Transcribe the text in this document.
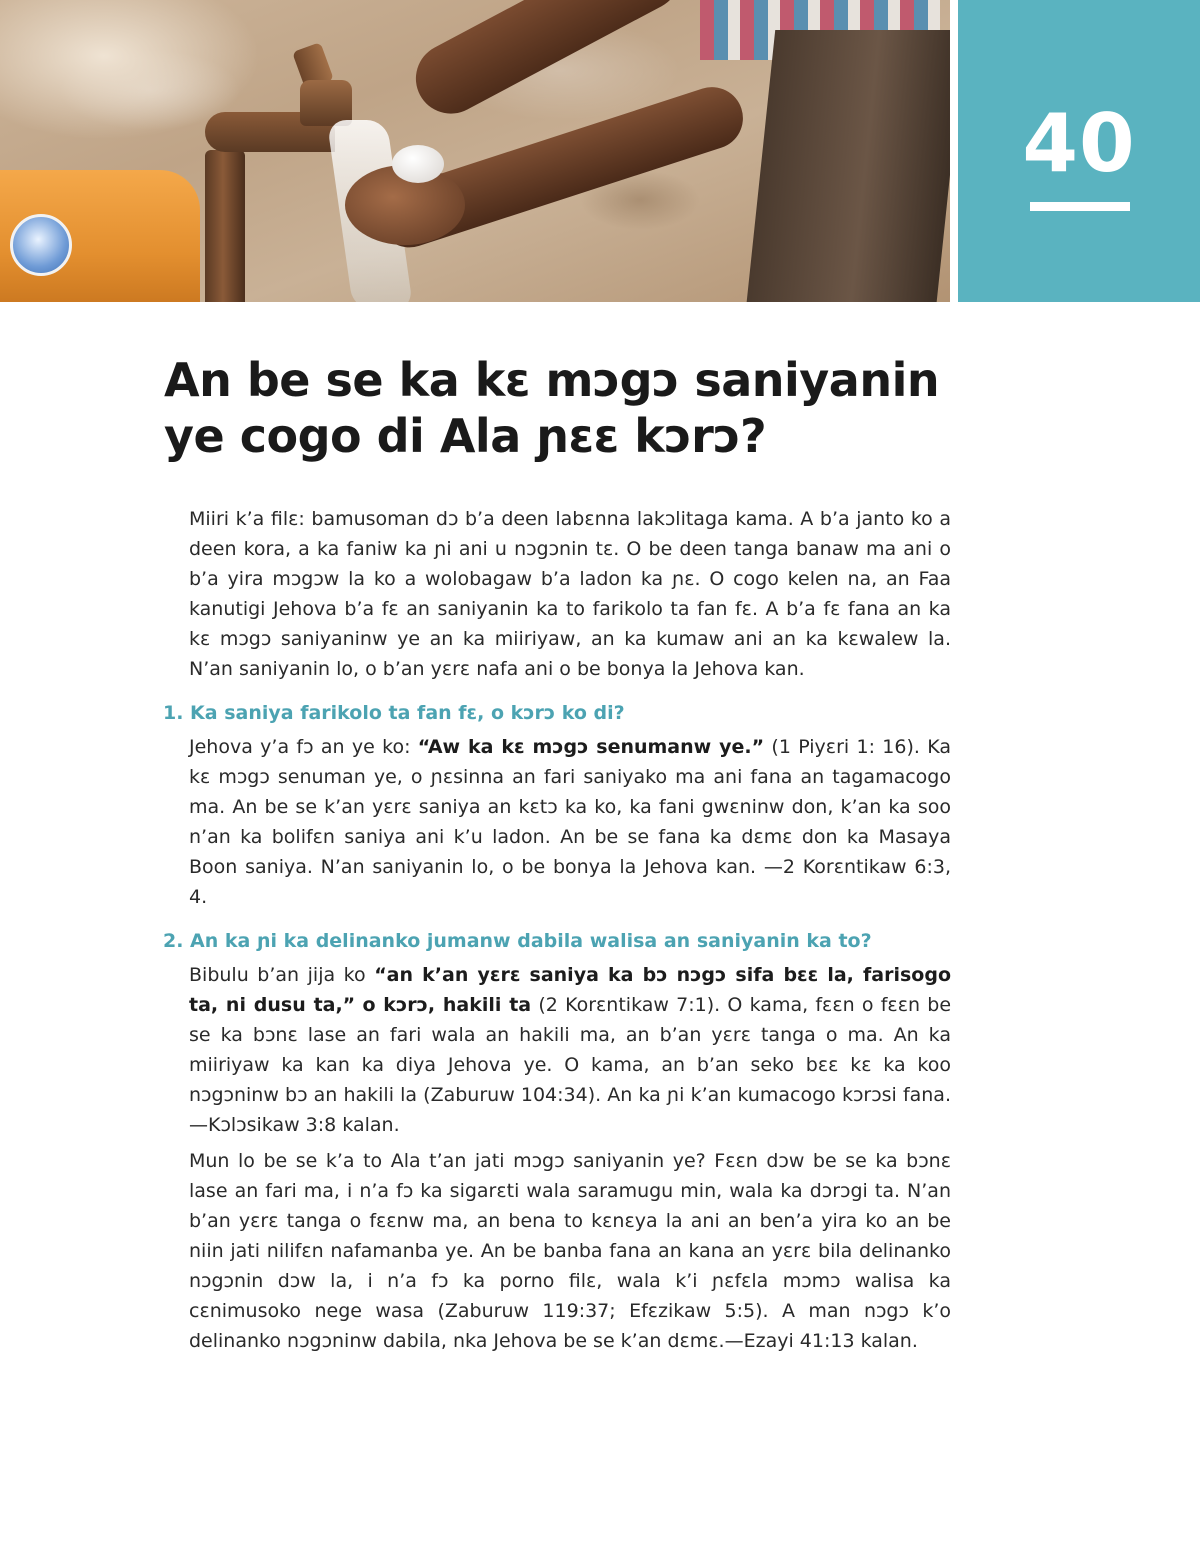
40
An be se ka kɛ mɔgɔ saniyanin
ye cogo di Ala ɲɛɛ kɔrɔ?

Miiri k’a filɛ: bamusoman dɔ b’a deen labɛnna lakɔlitaga kama. A b’a janto ko a deen kora, a ka faniw ka ɲi ani u nɔgɔnin tɛ. O be deen tanga banaw ma ani o b’a yira mɔgɔw la ko a wolobagaw b’a ladon ka ɲɛ. O cogo kelen na, an Faa kanutigi Jehova b’a fɛ an saniyanin ka to farikolo ta fan fɛ. A b’a fɛ fana an ka kɛ mɔgɔ saniyaninw ye an ka miiriyaw, an ka kumaw ani an ka kɛwalew la. N’an saniyanin lo, o b’an yɛrɛ nafa ani o be bonya la Jehova kan.

1. Ka saniya farikolo ta fan fɛ, o kɔrɔ ko di?

Jehova y’a fɔ an ye ko: “Aw ka kɛ mɔgɔ senumanw ye.” (1 Piyɛri 1: 16). Ka kɛ mɔgɔ senuman ye, o ɲɛsinna an fari saniyako ma ani fana an tagamacogo ma. An be se k’an yɛrɛ saniya an kɛtɔ ka ko, ka fani gwɛninw don, k’an ka soo n’an ka bolifɛn saniya ani k’u ladon. An be se fana ka dɛmɛ don ka Masaya Boon saniya. N’an saniyanin lo, o be bonya la Jehova kan. —2 Korɛntikaw 6:3, 4.

2. An ka ɲi ka delinanko jumanw dabila walisa an saniyanin ka to?

Bibulu b’an jija ko “an k’an yɛrɛ saniya ka bɔ nɔgɔ sifa bɛɛ la, farisogo ta, ni dusu ta,” o kɔrɔ, hakili ta (2 Korɛntikaw 7:1). O kama, fɛɛn o fɛɛn be se ka bɔnɛ lase an fari wala an hakili ma, an b’an yɛrɛ tanga o ma. An ka miiriyaw ka kan ka diya Jehova ye. O kama, an b’an seko bɛɛ kɛ ka koo nɔgɔninw bɔ an hakili la (Zaburuw 104:34). An ka ɲi k’an kumacogo kɔrɔsi fana.—Kɔlɔsikaw 3:8 kalan.

Mun lo be se k’a to Ala t’an jati mɔgɔ saniyanin ye? Fɛɛn dɔw be se ka bɔnɛ lase an fari ma, i n’a fɔ ka sigarɛti wala saramugu min, wala ka dɔrɔgi ta. N’an b’an yɛrɛ tanga o fɛɛnw ma, an bena to kɛnɛya la ani an ben’a yira ko an be niin jati nilifɛn nafamanba ye. An be banba fana an kana an yɛrɛ bila delinanko nɔgɔnin dɔw la, i n’a fɔ ka porno filɛ, wala k’i ɲɛfɛla mɔmɔ walisa ka cɛnimusoko nege wasa (Zaburuw 119:37; Efɛzikaw 5:5). A man nɔgɔ k’o delinanko nɔgɔninw dabila, nka Jehova be se k’an dɛmɛ.—Ezayi 41:13 kalan.
